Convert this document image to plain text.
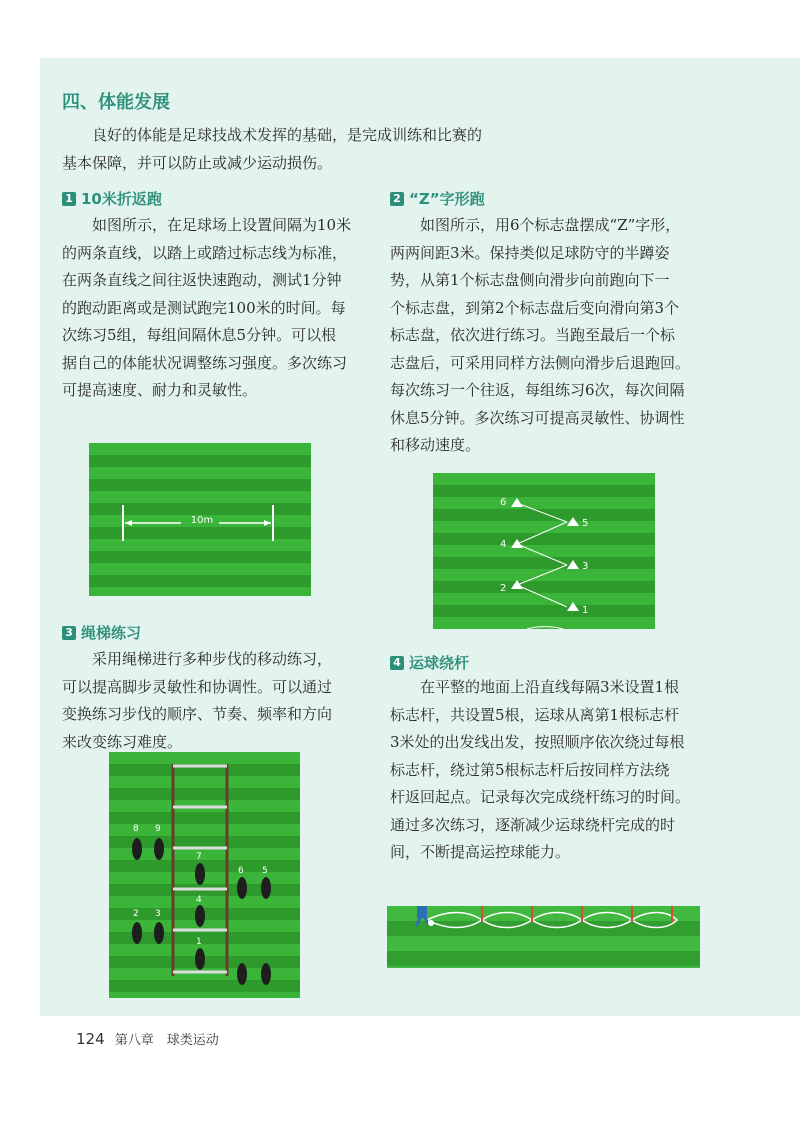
四、体能发展
良好的体能是足球技战术发挥的基础，是完成训练和比赛的
基本保障，并可以防止或减少运动损伤。
1 10米折返跑
如图所示，在足球场上设置间隔为10米
的两条直线，以踏上或踏过标志线为标准，
在两条直线之间往返快速跑动，测试1分钟
的跑动距离或是测试跑完100米的时间。每
次练习5组，每组间隔休息5分钟。可以根
据自己的体能状况调整练习强度。多次练习
可提高速度、耐力和灵敏性。
10m
3 绳梯练习
采用绳梯进行多种步伐的移动练习，
可以提高脚步灵敏性和协调性。可以通过
变换练习步伐的顺序、节奏、频率和方向
来改变练习难度。
8 9
7
6 5
4
2 3
1
2 “Z”字形跑
如图所示，用6个标志盘摆成“Z”字形，
两两间距3米。保持类似足球防守的半蹲姿
势，从第1个标志盘侧向滑步向前跑向下一
个标志盘，到第2个标志盘后变向滑向第3个
标志盘，依次进行练习。当跑至最后一个标
志盘后，可采用同样方法侧向滑步后退跑回。
每次练习一个往返，每组练习6次，每次间隔
休息5分钟。多次练习可提高灵敏性、协调性
和移动速度。
1
2
3
4
5
6
4 运球绕杆
在平整的地面上沿直线每隔3米设置1根
标志杆，共设置5根，运球从离第1根标志杆
3米处的出发线出发，按照顺序依次绕过每根
标志杆，绕过第5根标志杆后按同样方法绕
杆返回起点。记录每次完成绕杆练习的时间。
通过多次练习，逐渐减少运球绕杆完成的时
间，不断提高运控球能力。
124 第八章　球类运动
